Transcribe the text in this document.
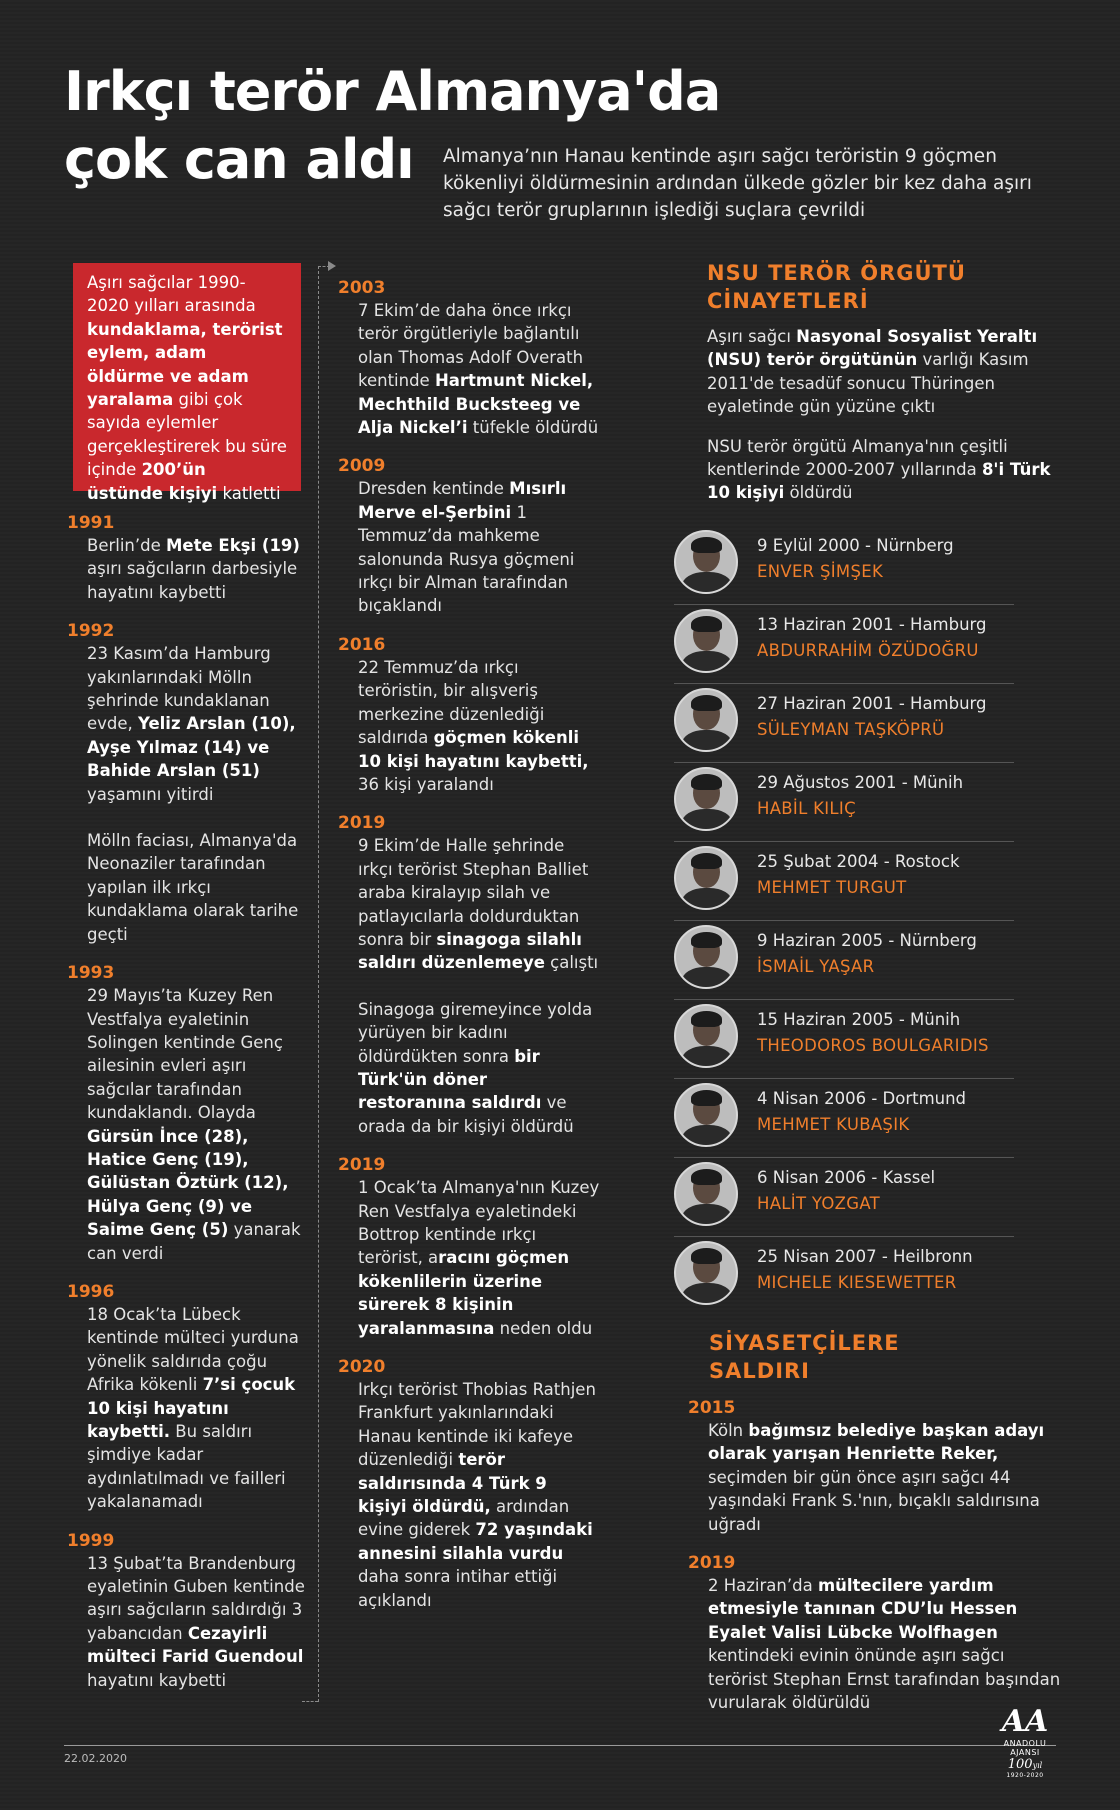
Irkçı terör Almanya'da
çok can aldı	Almanya’nın Hanau kentinde aşırı sağcı teröristin 9 göçmen kökenliyi öldürmesinin ardından ülkede gözler bir kez daha aşırı sağcı terör gruplarının işlediği suçlara çevrildi
Aşırı sağcılar 1990-2020 yılları arasında kundaklama, terörist eylem, adam öldürme ve adam yaralama gibi çok sayıda eylemler gerçekleştirerek bu süre içinde 200’ün üstünde kişiyi katletti
1991
Berlin’de Mete Ekşi (19) aşırı sağcıların darbesiyle hayatını kaybetti
1992
23 Kasım’da Hamburg yakınlarındaki Mölln şehrinde kundaklanan evde, Yeliz Arslan (10), Ayşe Yılmaz (14) ve Bahide Arslan (51) yaşamını yitirdi
Mölln faciası, Almanya'da Neonaziler tarafından yapılan ilk ırkçı kundaklama olarak tarihe geçti
1993
29 Mayıs’ta Kuzey Ren Vestfalya eyaletinin Solingen kentinde Genç ailesinin evleri aşırı sağcılar tarafından kundaklandı. Olayda Gürsün İnce (28), Hatice Genç (19), Gülüstan Öztürk (12), Hülya Genç (9) ve Saime Genç (5) yanarak can verdi
1996
18 Ocak’ta Lübeck kentinde mülteci yurduna yönelik saldırıda çoğu Afrika kökenli 7’si çocuk 10 kişi hayatını kaybetti. Bu saldırı şimdiye kadar aydınlatılmadı ve failleri yakalanamadı
1999
13 Şubat’ta Brandenburg eyaletinin Guben kentinde aşırı sağcıların saldırdığı 3 yabancıdan Cezayirli mülteci Farid Guendoul hayatını kaybetti
2003
7 Ekim’de daha önce ırkçı terör örgütleriyle bağlantılı olan Thomas Adolf Overath kentinde Hartmunt Nickel, Mechthild Bucksteeg ve Alja Nickel’i tüfekle öldürdü
2009
Dresden kentinde Mısırlı Merve el-Şerbini 1 Temmuz’da mahkeme salonunda Rusya göçmeni ırkçı bir Alman tarafından bıçaklandı
2016
22 Temmuz’da ırkçı teröristin, bir alışveriş merkezine düzenlediği saldırıda göçmen kökenli 10 kişi hayatını kaybetti, 36 kişi yaralandı
2019
9 Ekim’de Halle şehrinde ırkçı terörist Stephan Balliet araba kiralayıp silah ve patlayıcılarla doldurduktan sonra bir sinagoga silahlı saldırı düzenlemeye çalıştı
Sinagoga giremeyince yolda yürüyen bir kadını öldürdükten sonra bir Türk'ün döner restoranına saldırdı ve orada da bir kişiyi öldürdü
2019
1 Ocak’ta Almanya'nın Kuzey Ren Vestfalya eyaletindeki Bottrop kentinde ırkçı terörist, aracını göçmen kökenlilerin üzerine sürerek 8 kişinin yaralanmasına neden oldu
2020
Irkçı terörist Thobias Rathjen Frankfurt yakınlarındaki Hanau kentinde iki kafeye düzenlediği terör saldırısında 4 Türk 9 kişiyi öldürdü, ardından evine giderek 72 yaşındaki annesini silahla vurdu daha sonra intihar ettiği açıklandı
NSU TERÖR ÖRGÜTÜ
CİNAYETLERİ
Aşırı sağcı Nasyonal Sosyalist Yeraltı (NSU) terör örgütünün varlığı Kasım 2011'de tesadüf sonucu Thüringen eyaletinde gün yüzüne çıktı
NSU terör örgütü Almanya'nın çeşitli kentlerinde 2000-2007 yıllarında 8'i Türk 10 kişiyi öldürdü
9 Eylül 2000 - Nürnberg
ENVER ŞİMŞEK
13 Haziran 2001 - Hamburg
ABDURRAHİM ÖZÜDOĞRU
27 Haziran 2001 - Hamburg
SÜLEYMAN TAŞKÖPRÜ
29 Ağustos 2001 - Münih
HABİL KILIÇ
25 Şubat 2004 - Rostock
MEHMET TURGUT
9 Haziran 2005 - Nürnberg
İSMAİL YAŞAR
15 Haziran 2005 - Münih
THEODOROS BOULGARIDIS
4 Nisan 2006 - Dortmund
MEHMET KUBAŞIK
6 Nisan 2006 - Kassel
HALİT YOZGAT
25 Nisan 2007 - Heilbronn
MICHELE KIESEWETTER
SİYASETÇİLERE
SALDIRI
2015
Köln bağımsız belediye başkan adayı olarak yarışan Henriette Reker, seçimden bir gün önce aşırı sağcı 44 yaşındaki Frank S.'nın, bıçaklı saldırısına uğradı
2019
2 Haziran’da mültecilere yardım etmesiyle tanınan CDU’lu Hessen Eyalet Valisi Lübcke Wolfhagen kentindeki evinin önünde aşırı sağcı terörist Stephan Ernst tarafından başından vurularak öldürüldü
22.02.2020
AA
ANADOLU AJANSI
100yıl
1920-2020
